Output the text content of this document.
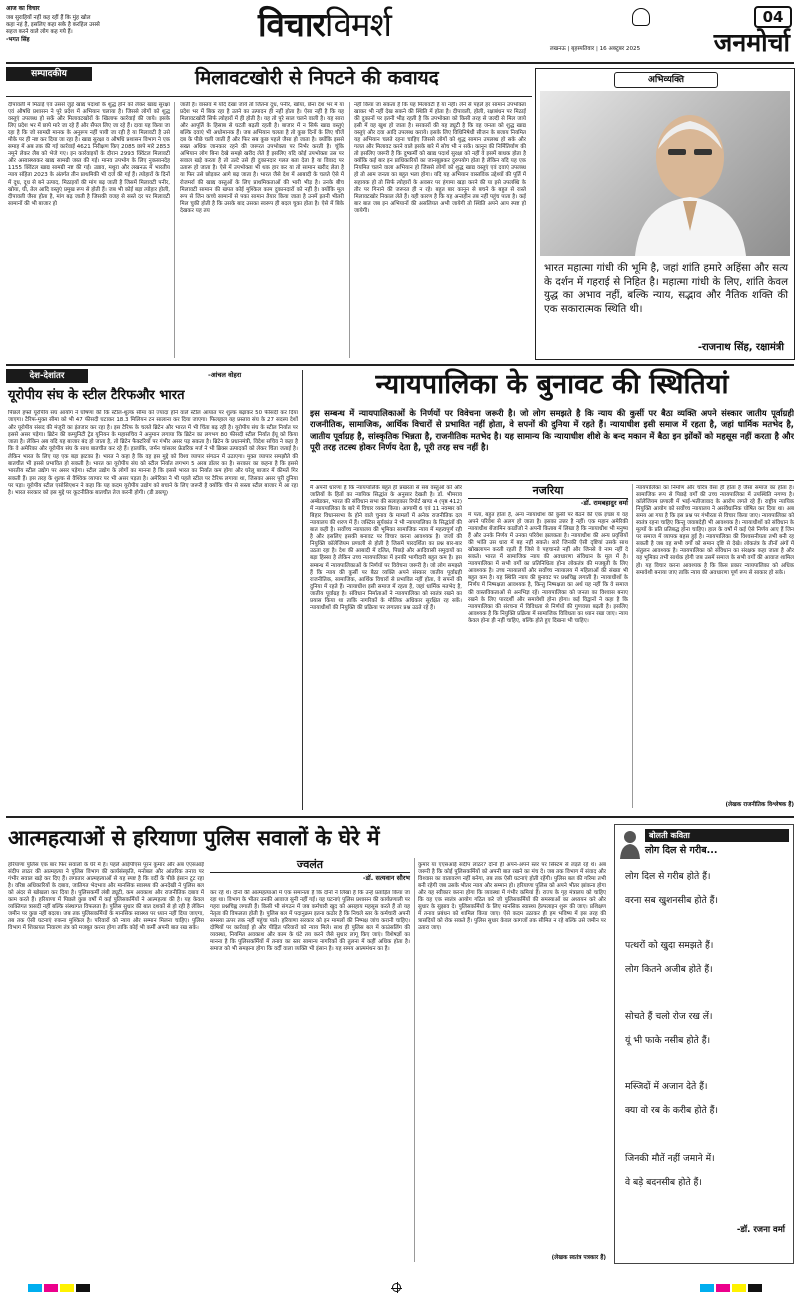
आज का विचार
जब सुराहियों नहीं कह रहीं हैं कि मुंह खोल
कहा नहं है, इसलिए कहा सके है करहिल उससे
सहज करने वाले लोग कह गये हैं।
-भगत सिंह	विचारविमर्श
लखनऊ | बृहस्पतिवार | 16 अक्टूबर 2025	जनमोर्चा
04
सम्पादकीय	मिलावटखोरी से निपटने की कवायद

दीपावली में मिठाई एवं उससे जुड़े खाद्य पदार्थों के शुद्ध होने को लेकर खाद्य सुरक्षा एवं औषधि प्रशासन ने पूरे प्रदेश में अभियान चलाया है। जिससे लोगों को शुद्ध वस्तुएं उपलब्ध हो सकें और मिलावटखोरों के खिलाफ कार्रवाई की जाये। इसके लिए प्रदेश भर में छापे मारे जा रहे हैं और सैंपल लिए जा रहे हैं। दावा यह किया जा रहा है कि जो सामग्री मानक के अनुरूप नहीं पायी जा रही है या मिलावटी है उसे मौके पर ही नष्ट कर दिया जा रहा है। खाद्य सुरक्षा व औषधि प्रशासन विभाग ने एक समाह में अब तक की गई कार्रवाई 4621 निरीक्षण किए 2085 छापे मारे 2853 नमूने लेकर लैब को भेजे गए। इन कार्रवाइयों के दौरान 2993 क्विंटल मिलावटी और अस्वास्थ्यकर खाद्य सामग्री जब्त की गई। मानव उपभोग के लिए नुकसानदेह 1155 क्विंटल खाद्य सामग्री नष्ट की गई। उन्नाव, मथुरा और लखनऊ में भारतीय न्याय संहिता 2023 के अंतर्गत तीन प्राथमिकी भी दर्ज की गई हैं। त्योहारों के दिनों में दूध, दूध से बने उत्पाद, मिठाइयों की मांग बढ़ जाती है जिसमें मिलावटी पनीर, खोया, घी, तेल आदि वस्तुएं प्रमुख रूप से होती हैं। जब भी कोई बड़ा त्योहार होली, दीपावली जैसा होता है, मांग बढ़ जाती है जिसकी वजह से सस्ते दर पर मिलावटी सामानों की भी बाजार हो

जाती है। वास्तव में यदि देखा जाये तो जितना दूध, पनीर, खोया, छेना देश भर में या प्रदेश भर में बिक रहा है उतने का उत्पादन ही नहीं होता है। ऐसा नहीं है कि यह मिलावटखोरी सिर्फ त्योहारों में ही होती है। यह तो पूरे साल चलने वाली है। यह सारा और आपूर्ति के हिसाब से घटती बढ़ती रहती है। बाजार में न सिर्फ खाद्य वस्तुएं बल्कि दवाएं भी अधोमानक हैं। जब अभियान चलता है तो कुछ दिनों के लिए चीजें दब के पीछे चली जाती हैं और फिर सब कुछ पहले जैसा हो जाता है। क्योंकि इससे सख्त अधिक जानकार रहने की जरूरत उपभोक्ता पर निर्भर करती है। चूंकि अभियान लोग बिना देखे समझे खरीद लेते हैं इसलिए यदि कोई उपभोक्ता उस पर सवाल खड़े करता है तो उल्टे उसे ही दुकानदार गलत बता देता है या विवाद पर उतारू हो जाता है। ऐसे में उपभोक्ता भी थक हार कर या तो सामान खरीद लेता है या फिर उसे छोड़कर आगे बढ़ जाता है। भारत जैसे देश में आबादी के चलते ऐसे में रोजमर्रा की खाद्य वस्तुओं के लिए प्राथमिकताओं की भारी भीड़ है। उनके बीच मिलावटी सामान की खपत कोई मुश्किल काम दुकानदारों को नहीं है। क्योंकि मूल रूप से जिन कच्चे सामानों से पका सामान तैयार किया जाता है उनमें इतनी भीतरी मिल चुकी होती है कि उसके बाद उसका स्वरूप ही बदल चुका होता है। ऐसे में बिके देखकर यह तय

नहीं किया जा सकता है कि यह मिलावटी है या नहीं। लेने से पहले हर सामान उपभोक्ता खाकर भी नहीं देख सकने की स्थिति में होता है। दीपावली, होली, रक्षाबंधन पर मिठाई की दुकानों पर इतनी भीड़ रहती है कि उपभोक्ता को किसी तरह से जल्दी से मिल जाये इसी में वह खुश हो जाता है। सरकारों की यह ड्यूटी है कि वह जनता को शुद्ध खाद्य वस्तुएं और दवा आदि उपलब्ध कराये। इसके लिए विधिनिषेधी सीजन के बजाय नियमित यह अभियान चलते रहना चाहिए जिससे लोगों को शुद्ध सामान उपलब्ध हो सके और गलत और मिलावट करने वाले इसके बारे में सोच भी न सकें। कानून की निर्मितिर्याण की तो इसलिए जरूरी है कि दुष्कर्मी को खाद्य पदार्थ सुरक्षा को नहीं वे इसमें बाधक होता है क्योंकि कई बार इन प्राधिकारियों का जानबूझकर दुरुपयोग होता है लेकिन यदि यह एक नियमित चलने वाला अभियान हो जिससे लोगों को शुद्ध खाद्य वस्तुएं एवं दवाएं उपलब्ध हो तो आम जनता का बहुत भला होगा। यदि यह अभियान वास्तविक उद्देश्यों की पूर्ति में सहायक हो तो सिर्फ त्योहारों के अवसर पर हंगामा खड़ा करने की या इसे उपलब्धि के तौर पर गिनाने की जरूरत ही न रहे। बहुत बार कानून से बचने के बहुत से रास्ते मिलावटखोर निकाल लेते हैं। यही कारण है कि यह अन्तहीन तब नहीं पहुंच पाता है। कई बार बात जब इन अभियानों की असलियत अभी जायेगी तो स्थिति अपने आप स्पष्ट हो जायेगी।

अभिव्यक्ति
भारत महात्मा गांधी की भूमि है, जहां शांति हमारे अहिंसा और सत्य के दर्शन में गहराई से निहित है। महात्मा गांधी के लिए, शांति केवल युद्ध का अभाव नहीं, बल्कि न्याय, सद्भाव और नैतिक शक्ति की एक सकारात्मक स्थिति थी।
-राजनाथ सिंह, रक्षामंत्री
देश-देशांतर	-आंचल वोहरा
यूरोपीय संघ के स्टील टैरिफऔर भारत

पिछले हफ्ते यूरोपीय संघ आयोग ने घोषणा की कि स्टील-शुल्क सीमा को ज्यादा होने वाले स्टील आयात पर शुल्क बढ़ाकर 50 फीसदी कर दिया जाएगा। टैरिफ-मुक्त सीमा को भी 47 फीसदी घटाकर 18.3 मिलियन टन सालाना कर दिया जाएगा। फिलहाल यह प्रस्ताव संघ के 27 सदस्य देशों और यूरोपीय संसद की मंजूरी का इंतजार कर रहा है। इस टैरिफ के चलते ब्रिटेन और भारत में भी चिंता बढ़ रही है। यूरोपीय संघ के स्टील निर्यात पर इससे असर पड़ेगा। ब्रिटेन की कम्युनिटी ट्रेड यूनियन के महासचिव ने अनुमान लगाया कि ब्रिटेन का लगभग 80 फीसदी स्टील निर्यात ईयू को किया जाता है। लेकिन अब यदि यह बाजार बंद हो जाता है, तो ब्रिटेन फैक्टरियों पर गंभीर असर पड़ सकता है। ब्रिटेन के प्रधानमंत्री, विदेश सचिव ने कहा है कि वे अमेरिका और यूरोपीय संघ के साथ बातचीत कर रहे हैं। हालांकि, जर्मन चांसलर फ्रेडरिक मर्ज ने भी ब्रिक्स उत्पादकों को लेकर चिंता जताई है। लेकिन भारत के लिए यह एक बड़ा झटका है। भारत ने कहा है कि वह इस मुद्दे को विश्व व्यापार संगठन में उठाएगा। मुक्त व्यापार समझौते की बातचीत भी इससे प्रभावित हो सकती है। भारत का यूरोपीय संघ को स्टील निर्यात लगभग 5 अरब डॉलर का है। सरकार का कहना है कि इससे भारतीय स्टील उद्योग पर असर पड़ेगा। स्टील उद्योग के लोगों का मानना है कि इससे भारत का निर्यात कम होगा और घरेलू बाजार में कीमतें गिर सकती हैं। इस तरह के शुल्क से वैश्विक व्यापार पर भी असर पड़ता है। अमेरिका ने भी पहले स्टील पर टैरिफ लगाया था, जिसका असर पूरी दुनिया पर पड़ा। यूरोपीय स्टील एसोसिएशन ने कहा कि यह कदम यूरोपीय उद्योग को बचाने के लिए जरूरी है क्योंकि चीन से सस्ता स्टील बाजार में आ रहा है। भारत सरकार को इस मुद्दे पर कूटनीतिक बातचीत तेज करनी होगी। (डी डब्ल्यू)

न्यायपालिका के बुनावट की स्थितियां
इस सम्बन्ध में न्यायपालिकाओं के निर्णयों पर विवेचना जरूरी है। जो लोग समझते है कि न्याय की कुर्सी पर बैठा व्यक्ति अपने संस्कार जातीय पूर्वाग्रही राजनीतिक, सामाजिक, आर्थिक विचारों से प्रभावित नहीं होता, वे सपनों की दुनिया में रहते हैं। न्यायाधीश इसी समाज में रहता है, जहां धार्मिक मतभेद है, जातीय पूर्वाग्रह है, सांस्कृतिक भिन्नता है, राजनीतिक मतभेद है। यह सामान्य कि न्यायाधीश शीशे के बन्द मकान में बैठा इन झोंकों को महसूस नहीं करता है और पूरी तरह तटस्थ होकर निर्णय देता है, पूरी तरह सच नहीं है।

मैं अपनी धारणा है कि न्यायपालिके बहुत ही प्रखरता से सब वस्तुओं को और जातियों के हितों का न्यायिक सिद्धांत के अनुसार देखती है। डॉ. भीमराव अम्बेडकर, भारत की संविधान सभा की सलाहकार रिपोर्ट खण्ड 4 (पृष्ठ 412) में न्यायपालिका के बारे में विचार व्यक्त किया। आगामी 6 एवं 11 नवम्बर को बिहार विधानसभा के होने वाले चुनाव के मामलों में अनेक राजनीतिक दल न्यायालय की शरण में हैं। जस्टिस सूर्यकांत ने भी न्यायपालिका के सिद्धांतों की बात कही है। सर्वोच्च न्यायालय की भूमिका सामाजिक न्याय में महत्वपूर्ण रही है और इसलिए इसकी बनावट पर विचार करना आवश्यक है। जजों की नियुक्ति कॉलेजियम प्रणाली से होती है जिसमें पारदर्शिता का प्रश्न बार-बार उठता रहा है। देश की आबादी में दलित, पिछड़े और आदिवासी समुदायों का बड़ा हिस्सा है लेकिन उच्च न्यायपालिका में इनकी भागीदारी बहुत कम है। इस सम्बन्ध में न्यायपालिकाओं के निर्णयों पर विवेचना जरूरी है। जो लोग समझते हैं कि न्याय की कुर्सी पर बैठा व्यक्ति अपने संस्कार जातीय पूर्वाग्रही राजनीतिक, सामाजिक, आर्थिक विचारों से प्रभावित नहीं होता, वे सपनों की दुनिया में रहते हैं। न्यायाधीश इसी समाज में रहता है, जहां धार्मिक मतभेद है, जातीय पूर्वाग्रह है। संविधान निर्माताओं ने न्यायपालिका को स्वतंत्र रखने का प्रयास किया था ताकि नागरिकों के मौलिक अधिकार सुरक्षित रह सकें। न्यायाधीशों की नियुक्ति की प्रक्रिया पर लगातार प्रश्न उठते रहे हैं।

नजरिया
-डॉ. रामबहादुर वर्मा

में पता, बहुत होता है, अन्य न्यायाधीश की कुर्सी पर बैठने की एक इच्छा ये वह अपने परिवेश से अलग हो जाता है। इसका उत्तर है नहीं। एक महान अमेरिकी न्यायाधीश बेंजामिन कार्डोजो ने अपनी किताब में लिखा है कि न्यायाधीश भी मनुष्य हैं और उनके निर्णय में उनका परिवेश झलकता है। न्यायाधीश की अन्य प्रवृत्तियों की भांति उस धारा में बह नहीं सकते। सारे जिनकी ऐसी दृष्टियां उसके साथ खोखलापन करती रहती हैं जिसे वे पहचानते नहीं और जिनसे वे नाम नहीं दे सकते। भारत में सामाजिक न्याय की अवधारणा संविधान के मूल में है। न्यायपालिका में सभी वर्गों का प्रतिनिधित्व होना लोकतंत्र की मजबूती के लिए आवश्यक है। उच्च न्यायालयों और सर्वोच्च न्यायालय में महिलाओं की संख्या भी बहुत कम है। यह स्थिति न्याय की बुनावट पर प्रश्नचिह्न लगाती है। न्यायाधीशों के निर्णय में निष्पक्षता आवश्यक है, किन्तु निष्पक्षता का अर्थ यह नहीं कि वे समाज की वास्तविकताओं से अनभिज्ञ रहें। न्यायपालिका को जनता का विश्वास बनाए रखने के लिए पारदर्शी और समावेशी होना होगा। कई विद्वानों ने कहा है कि न्यायपालिका की संरचना में विविधता से निर्णयों की गुणवत्ता बढ़ती है। इसलिए आवश्यक है कि नियुक्ति प्रक्रिया में सामाजिक विविधता का ध्यान रखा जाए। न्याय केवल होना ही नहीं चाहिए, बल्कि होते हुए दिखना भी चाहिए।

न्यायपालिका का निर्माण और चरित्र वैसा ही होता है जैसा समाज का होता है। सामाजिक रूप से पिछड़े वर्गों की उच्च न्यायपालिका में उपस्थिति नगण्य है। कॉलेजियम प्रणाली में भाई-भतीजावाद के आरोप लगते रहे हैं। राष्ट्रीय न्यायिक नियुक्ति आयोग को सर्वोच्च न्यायालय ने असंवैधानिक घोषित कर दिया था। अब समय आ गया है कि इस प्रश्न पर गंभीरता से विचार किया जाए। न्यायपालिका को स्वतंत्र रहना चाहिए किन्तु जवाबदेही भी आवश्यक है। न्यायाधीशों को संविधान के मूल्यों के प्रति प्रतिबद्ध होना चाहिए। हाल के वर्षों में कई ऐसे निर्णय आए हैं जिन पर समाज में व्यापक बहस हुई है। न्यायपालिका की विश्वसनीयता तभी बनी रह सकती है जब वह सभी वर्गों को समान दृष्टि से देखे। लोकतंत्र के तीनों अंगों में संतुलन आवश्यक है। न्यायपालिका को संविधान का संरक्षक कहा जाता है और यह भूमिका तभी सार्थक होगी जब उसमें समाज के सभी वर्गों की आवाज शामिल हो। यह विचार करना आवश्यक है कि किस प्रकार न्यायपालिका को अधिक समावेशी बनाया जाए ताकि न्याय की अवधारणा पूर्ण रूप से साकार हो सके।

(लेखक राजनीतिक विश्लेषक हैं)
आत्महत्याओं से हरियाणा पुलिस सवालों के घेरे में

हरियाणा पुलिस एक बार फिर सवालों के घेरे में है। पहले आईपीएस पूरन कुमार और अब एएसआई संदीप लाठर की आत्महत्या ने पुलिस विभाग की कार्यसंस्कृति, मनोबल और आंतरिक तनाव पर गंभीर सवाल खड़े कर दिए हैं। लगातार आत्महत्याओं से यह स्पष्ट है कि वर्दी के पीछे इंसान टूट रहा है। वरिष्ठ अधिकारियों के दबाव, जातिगत भेदभाव और मानसिक स्वास्थ्य की अनदेखी ने पुलिस बल को अंदर से खोखला कर दिया है। पुलिसकर्मी लंबी ड्यूटी, कम अवकाश और राजनीतिक दबाव में काम करते हैं। हरियाणा में पिछले कुछ वर्षों में कई पुलिसकर्मियों ने आत्महत्या की है। यह केवल व्यक्तिगत त्रासदी नहीं बल्कि संस्थागत विफलता है। पुलिस सुधार की बात दशकों से हो रही है लेकिन जमीन पर कुछ नहीं बदला। जब तक पुलिसकर्मियों के मानसिक स्वास्थ्य पर ध्यान नहीं दिया जाएगा, तब तक ऐसी घटनाएं रुकना मुश्किल है। परिवारों को न्याय और सम्मान मिलना चाहिए। पुलिस विभाग में शिकायत निवारण तंत्र को मजबूत करना होगा ताकि कोई भी कर्मी अपनी बात रख सके।

ज्वलंत
-डॉ. सत्यवान सौरभ

कर रहे थे। दोनों की आत्महत्याओं में एक समानता है कि दोनों ने लिखा है कि उन्हें प्रताड़ित किया जा रहा था। विभाग के भीतर उनकी आवाज सुनी नहीं गई। यह घटनाएं पुलिस प्रशासन की कार्यप्रणाली पर गहरा प्रश्नचिह्न लगाती हैं। किसी भी संगठन में जब कर्मचारी खुद को असहाय महसूस करते हैं तो यह नेतृत्व की विफलता होती है। पुलिस बल में पदानुक्रम इतना कठोर है कि निचले स्तर के कर्मचारी अपनी समस्या ऊपर तक नहीं पहुंचा पाते। हरियाणा सरकार को इन मामलों की निष्पक्ष जांच करानी चाहिए। दोषियों पर कार्रवाई हो और पीड़ित परिवारों को न्याय मिले। साथ ही पुलिस बल में काउंसलिंग की व्यवस्था, नियमित अवकाश और काम के घंटे तय करने जैसे सुधार लागू किए जाएं। विशेषज्ञों का मानना है कि पुलिसकर्मियों में तनाव का स्तर सामान्य नागरिकों की तुलना में कहीं अधिक होता है। समाज को भी समझना होगा कि वर्दी वाला व्यक्ति भी इंसान है। यह समय आत्ममंथन का है।

कुमार या एएसआई संदीप लाठर? दोनों ही अपने-अपने स्तर पर सिस्टम से लड़ते रहे थे। अब जरूरी है कि कोई पुलिसकर्मियों को अपनी बात रखने का मंच दे। जब तक विभाग में संवाद और विश्वास का वातावरण नहीं बनेगा, तब तक ऐसी घटनाएं होती रहेंगी। पुलिस बल की गरिमा तभी बनी रहेगी जब उसके भीतर न्याय और सम्मान हो। हरियाणा पुलिस को अपने भीतर झांकना होगा और यह स्वीकार करना होगा कि व्यवस्था में गंभीर कमियां हैं। राज्य के गृह मंत्रालय को चाहिए कि वह एक स्वतंत्र आयोग गठित करे जो पुलिसकर्मियों की समस्याओं का अध्ययन करे और सुधार के सुझाव दे। पुलिसकर्मियों के लिए मानसिक स्वास्थ्य हेल्पलाइन शुरू की जाए। प्रशिक्षण में तनाव प्रबंधन को शामिल किया जाए। ऐसे कदम उठाकर ही हम भविष्य में इस तरह की त्रासदियों को रोक सकते हैं। पुलिस सुधार केवल कागजों तक सीमित न रहे बल्कि उसे जमीन पर उतारा जाए।

(लेखक स्वतंत्र पत्रकार हैं)
बोलती कविता
लोग दिल से गरीब...
लोग दिल से गरीब होते हैं।
वरना सब खुशनसीब होते हैं।
पत्थरों को खुदा समझते हैं।
लोग कितने अजीब होते हैं।
सोचते हैं चलो रोज रख लें।
यूं भी फाके नसीब होते हैं।
मस्जिदों में अजान देते हैं।
क्या वो रब के करीब होते हैं।
जिनकी मौतें नहीं जमाने में।
वे बड़े बदनसीब होते हैं।
-डॉ. रजना वर्मा
